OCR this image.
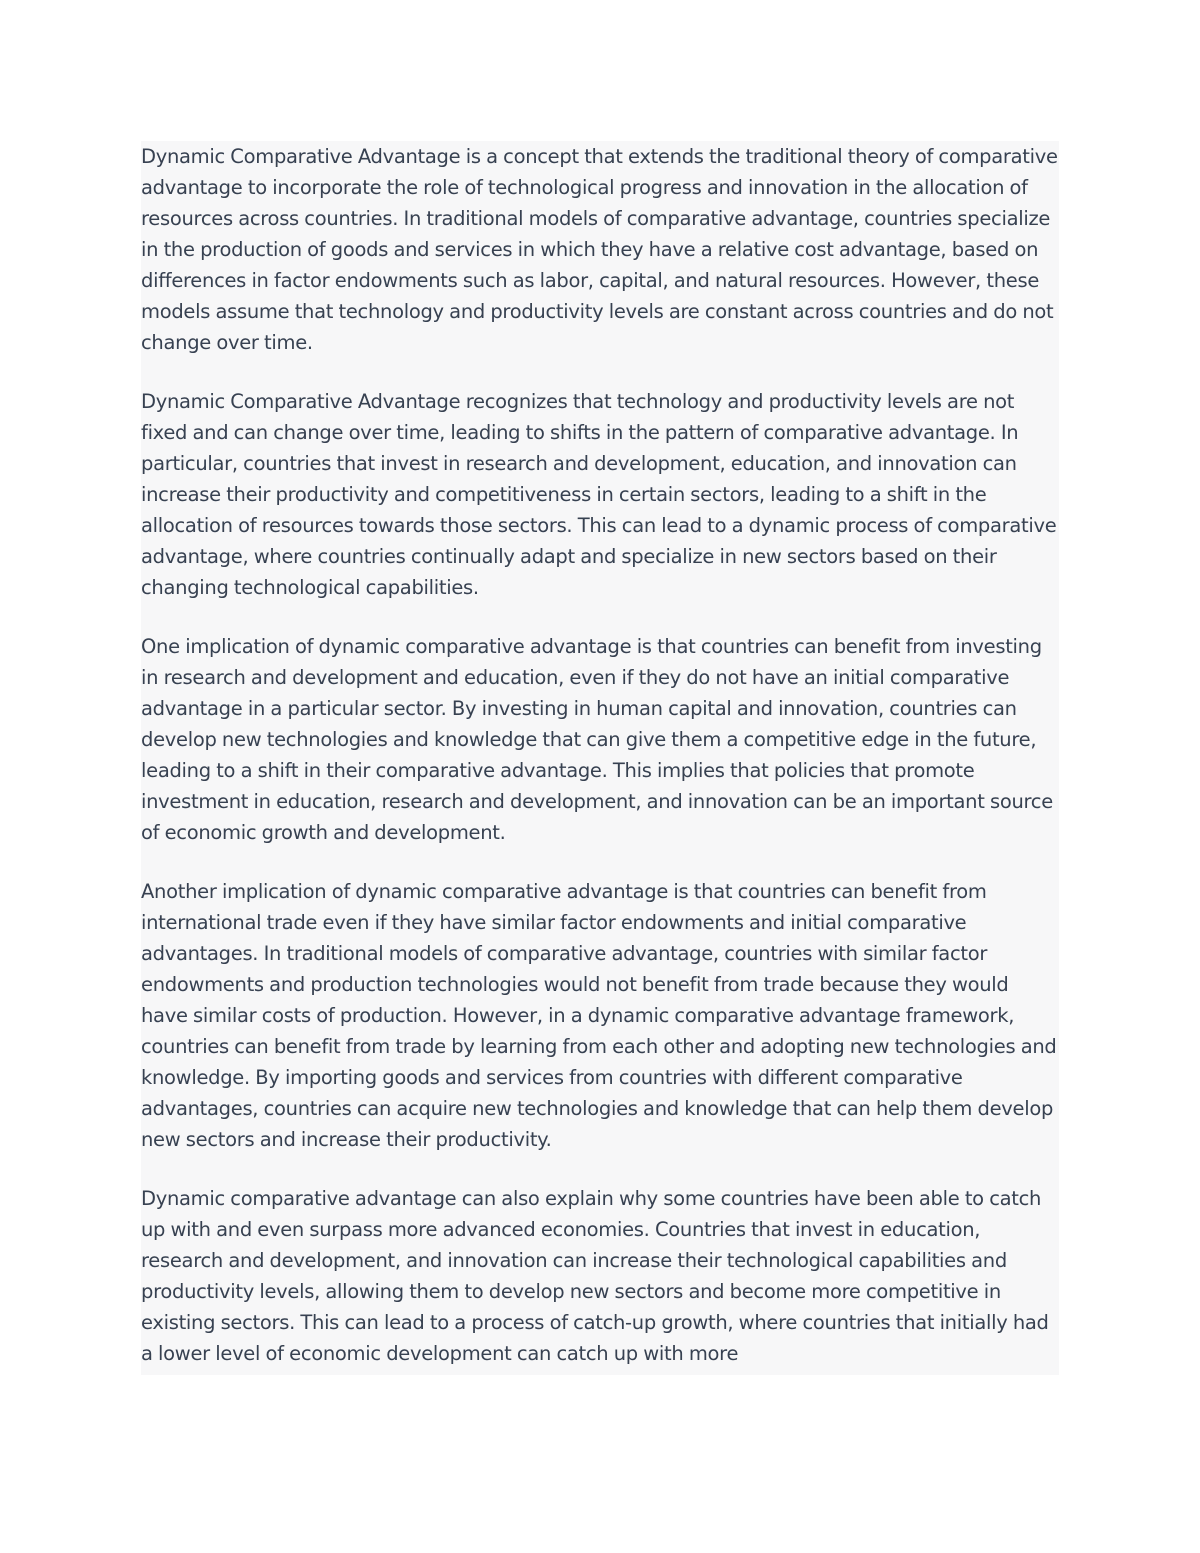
Dynamic Comparative Advantage is a concept that extends the traditional theory of comparative advantage to incorporate the role of technological progress and innovation in the allocation of resources across countries. In traditional models of comparative advantage, countries specialize in the production of goods and services in which they have a relative cost advantage, based on differences in factor endowments such as labor, capital, and natural resources. However, these models assume that technology and productivity levels are constant across countries and do not change over time.

Dynamic Comparative Advantage recognizes that technology and productivity levels are not fixed and can change over time, leading to shifts in the pattern of comparative advantage. In particular, countries that invest in research and development, education, and innovation can increase their productivity and competitiveness in certain sectors, leading to a shift in the allocation of resources towards those sectors. This can lead to a dynamic process of comparative advantage, where countries continually adapt and specialize in new sectors based on their changing technological capabilities.

One implication of dynamic comparative advantage is that countries can benefit from investing in research and development and education, even if they do not have an initial comparative advantage in a particular sector. By investing in human capital and innovation, countries can develop new technologies and knowledge that can give them a competitive edge in the future, leading to a shift in their comparative advantage. This implies that policies that promote investment in education, research and development, and innovation can be an important source of economic growth and development.

Another implication of dynamic comparative advantage is that countries can benefit from international trade even if they have similar factor endowments and initial comparative advantages. In traditional models of comparative advantage, countries with similar factor endowments and production technologies would not benefit from trade because they would have similar costs of production. However, in a dynamic comparative advantage framework, countries can benefit from trade by learning from each other and adopting new technologies and knowledge. By importing goods and services from countries with different comparative advantages, countries can acquire new technologies and knowledge that can help them develop new sectors and increase their productivity.

Dynamic comparative advantage can also explain why some countries have been able to catch up with and even surpass more advanced economies. Countries that invest in education, research and development, and innovation can increase their technological capabilities and productivity levels, allowing them to develop new sectors and become more competitive in existing sectors. This can lead to a process of catch-up growth, where countries that initially had a lower level of economic development can catch up with more
